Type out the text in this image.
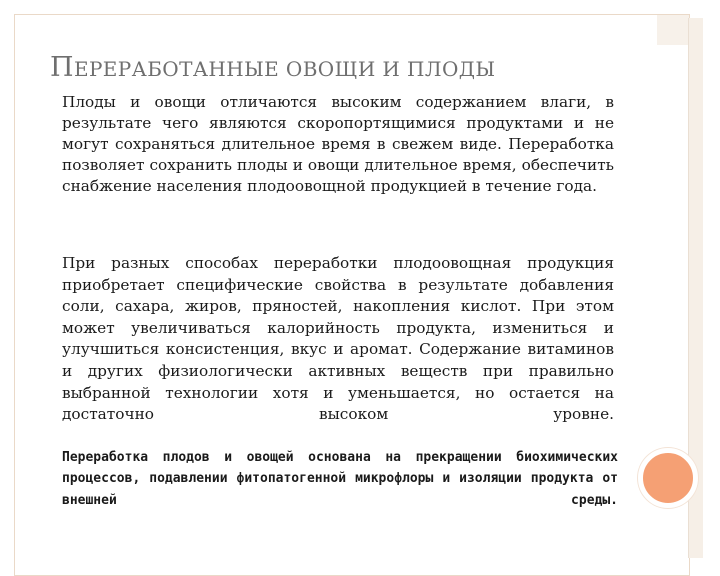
ПЕРЕРАБОТАННЫЕ ОВОЩИ И ПЛОДЫ
Плоды и овощи отличаются высоким содержанием влаги, в результате чего являются скоропортящимися продуктами и не могут сохраняться длительное время в свежем виде. Переработка позволяет сохранить плоды и овощи длительное время, обеспечить снабжение населения плодоовощной продукцией в течение года.
При разных способах переработки плодоовощная продукция приобретает специфические свойства в результате добавления соли, сахара, жиров, пряностей, накопления кислот. При этом может увеличиваться калорийность продукта, измениться и улучшиться консистенция, вкус и аромат. Содержание витаминов и других физиологически активных веществ при правильно выбранной технологии хотя и уменьшается, но остается на достаточно высоком уровне.
Переработка плодов и овощей основана на прекращении биохимических процессов, подавлении фитопатогенной микрофлоры и изоляции продукта от внешней среды.
